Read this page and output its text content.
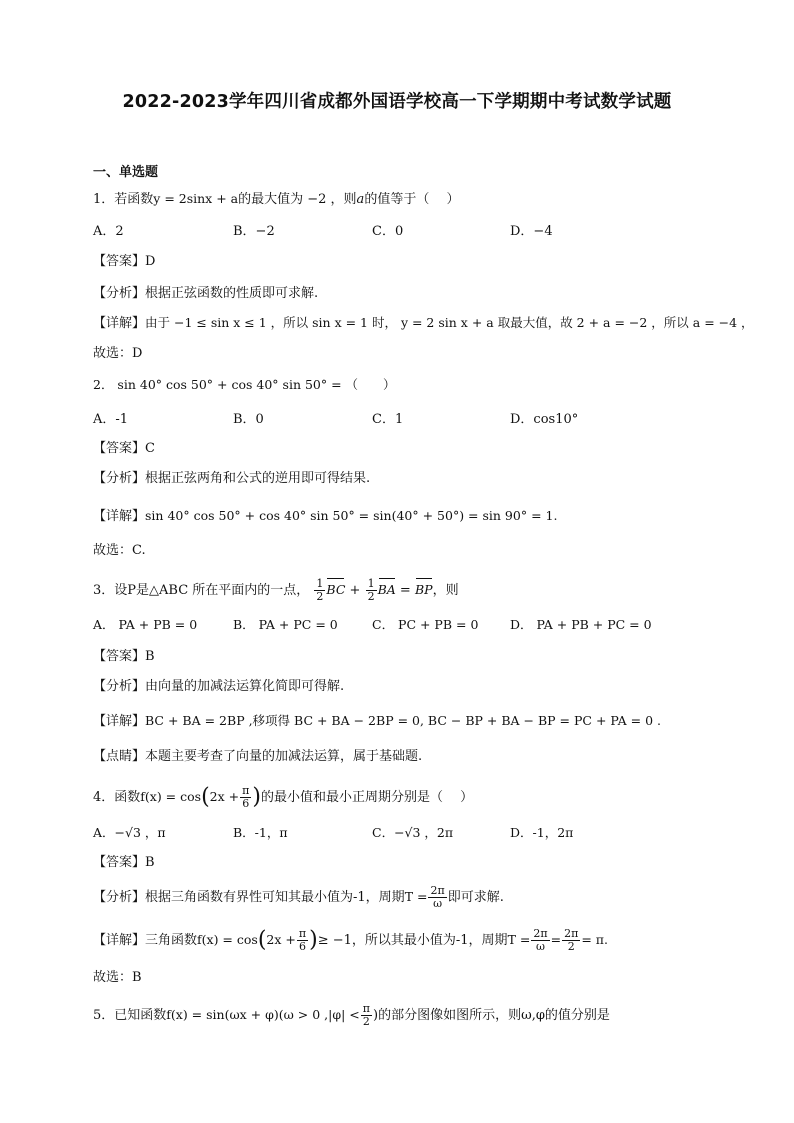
2022-2023学年四川省成都外国语学校高一下学期期中考试数学试题
一、单选题
1．若函数y = 2sinx + a的最大值为 −2 ，则a的值等于（　 ）
A．2	B．−2	C．0	D．−4
【答案】D
【分析】根据正弦函数的性质即可求解.
【详解】由于 −1 ≤ sin x ≤ 1 ，所以 sin x = 1 时， y = 2 sin x + a 取最大值，故 2 + a = −2 ，所以 a = −4 ，
故选：D
2． sin 40° cos 50° + cos 40° sin 50° = （　　）
A．-1	B．0	C．1	D．cos10°
【答案】C
【分析】根据正弦两角和公式的逆用即可得结果.
【详解】sin 40° cos 50° + cos 40° sin 50° = sin(40° + 50°) = sin 90° = 1.
故选：C.
3．设P是△ABC 所在平面内的一点， $\frac{1}{2}$ BC + $\frac{1}{2}$ BA = BP，则
A． PA + PB = 0	B． PA + PC = 0	C． PC + PB = 0	D． PA + PB + PC = 0
【答案】B
【分析】由向量的加减法运算化简即可得解.
【详解】BC + BA = 2BP ,移项得 BC + BA − 2BP = 0, BC − BP + BA − BP = PC + PA = 0 .
【点睛】本题主要考查了向量的加减法运算，属于基础题.
4．函数$f(x) = \cos(2x + \frac{\pi}{6}$ )的最小值和最小正周期分别是（　 ）
A．−√3 ，π	B．-1，π	C．−√3 ，2π	D．-1，2π
【答案】B
【分析】根据三角函数有界性可知其最小值为-1，周期$T = \frac{2\pi}{\omega}$ 即可求解.
【详解】三角函数$f(x) = \cos(2x + \frac{\pi}{6}$ )≥ −1，所以其最小值为-1，周期$T = \frac{2\pi}{\omega} = \frac{2\pi}{2} = \pi$.
故选：B
5．已知函数f(x) = sin(ωx + φ)(ω > 0 $,|\varphi| < \frac{\pi}{2}$ )的部分图像如图所示，则ω,φ的值分别是
